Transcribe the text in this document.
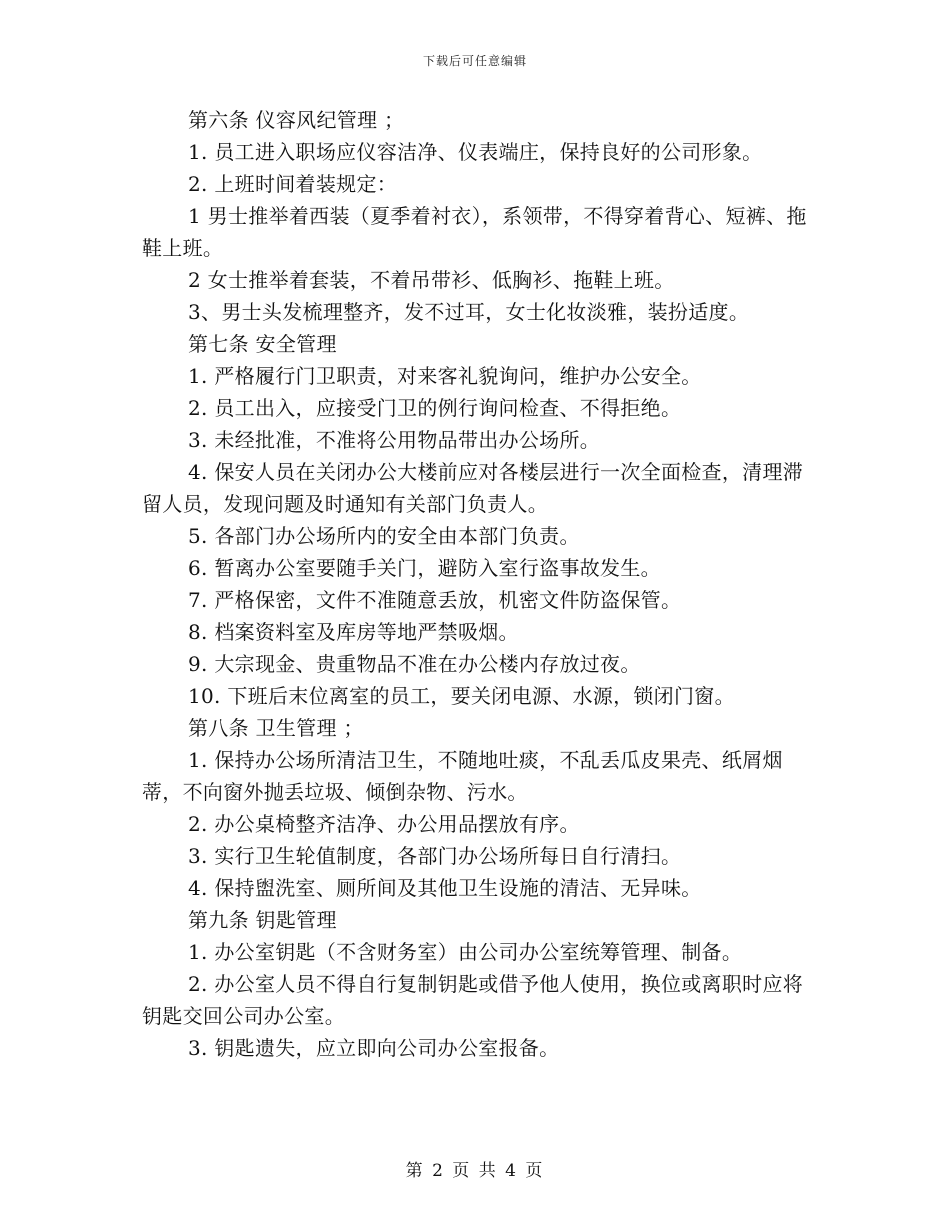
下载后可任意编辑

第六条 仪容风纪管理 ；

1. 员工进入职场应仪容洁净、仪表端庄，保持良好的公司形象。

2. 上班时间着装规定：

1 男士推举着西装（夏季着衬衣），系领带，不得穿着背心、短裤、拖鞋上班。

2 女士推举着套装，不着吊带衫、低胸衫、拖鞋上班。

3、男士头发梳理整齐，发不过耳，女士化妆淡雅，装扮适度。

第七条 安全管理

1. 严格履行门卫职责，对来客礼貌询问，维护办公安全。

2. 员工出入，应接受门卫的例行询问检查、不得拒绝。

3. 未经批准，不准将公用物品带出办公场所。

4. 保安人员在关闭办公大楼前应对各楼层进行一次全面检查，清理滞留人员，发现问题及时通知有关部门负责人。

5. 各部门办公场所内的安全由本部门负责。

6. 暂离办公室要随手关门，避防入室行盗事故发生。

7. 严格保密，文件不准随意丢放，机密文件防盗保管。

8. 档案资料室及库房等地严禁吸烟。

9. 大宗现金、贵重物品不准在办公楼内存放过夜。

10. 下班后末位离室的员工，要关闭电源、水源，锁闭门窗。

第八条 卫生管理 ；

1. 保持办公场所清洁卫生，不随地吐痰，不乱丢瓜皮果壳、纸屑烟蒂，不向窗外抛丢垃圾、倾倒杂物、污水。

2. 办公桌椅整齐洁净、办公用品摆放有序。

3. 实行卫生轮值制度，各部门办公场所每日自行清扫。

4. 保持盥洗室、厕所间及其他卫生设施的清洁、无异味。

第九条 钥匙管理

1. 办公室钥匙（不含财务室）由公司办公室统筹管理、制备。

2. 办公室人员不得自行复制钥匙或借予他人使用，换位或离职时应将钥匙交回公司办公室。

3. 钥匙遗失，应立即向公司办公室报备。

第 2 页 共 4 页
